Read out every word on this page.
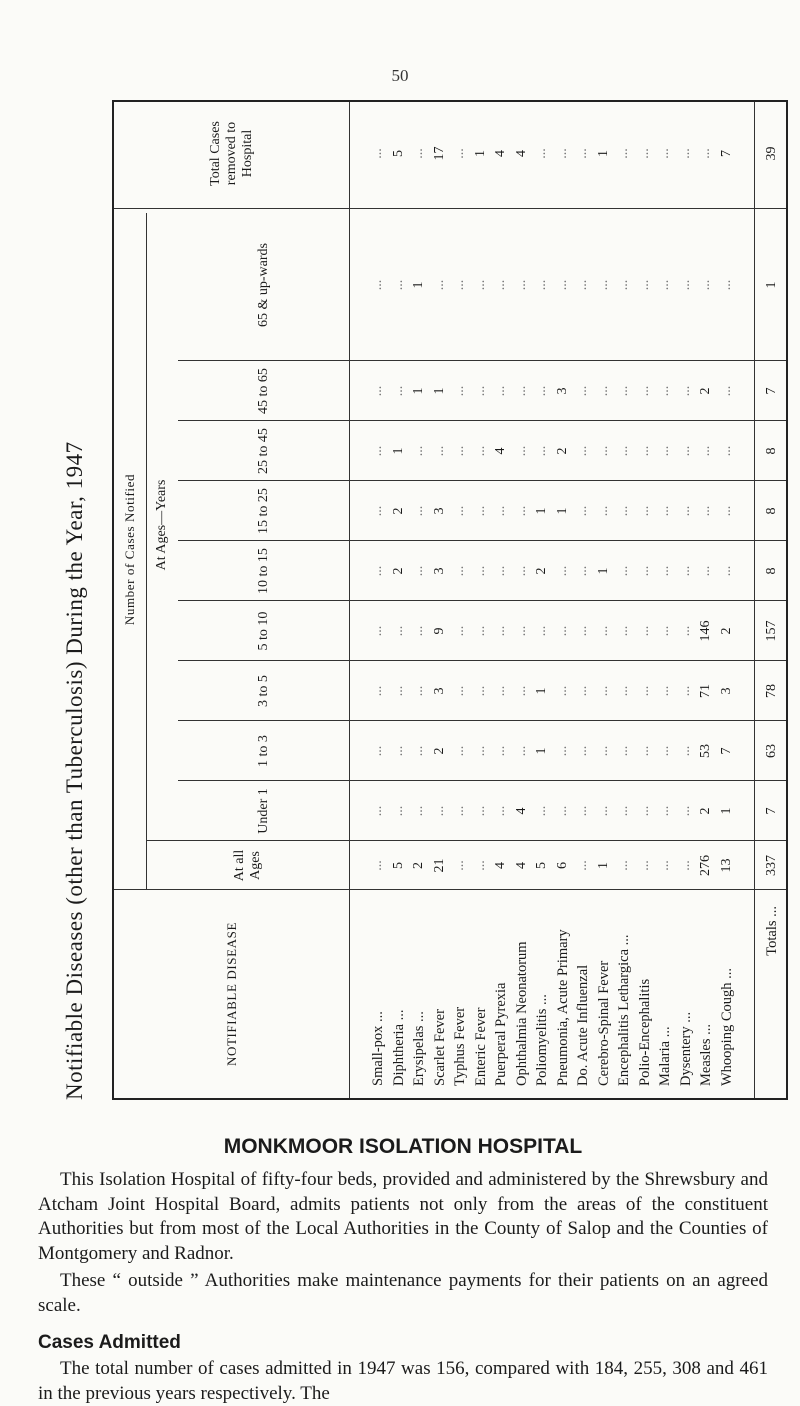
50
Notifiable Diseases (other than Tuberculosis) During the Year, 1947	NOTIFIABLE DISEASE
Number of Cases Notified	At Ages—Years
At all Ages
Under 1
1 to 3
3 to 5
5 to 10
10 to 15
15 to 25
25 to 45
45 to 65
65 & up-wards
Total Cases removed to Hospital
Small-pox ...
...
...
...
...
...
...
...
...
...
...
...
Diphtheria ...
5
...
...
...
...
2
2
1
...
...
5
Erysipelas ...
2
...
...
...
...
...
...
...
1
1
...
Scarlet Fever
21
...
2
3
9
3
3
...
1
...
17
Typhus Fever
...
...
...
...
...
...
...
...
...
...
...
Enteric Fever
...
...
...
...
...
...
...
...
...
...
1
Puerperal Pyrexia
4
...
...
...
...
...
...
4
...
...
4
Ophthalmia Neonatorum
4
4
...
...
...
...
...
...
...
...
4
Poliomyelitis ...
5
...
1
1
...
2
1
...
...
...
...
Pneumonia, Acute Primary
6
...
...
...
...
...
1
2
3
...
...
Do. Acute Influenzal
...
...
...
...
...
...
...
...
...
...
...
Cerebro-Spinal Fever
1
...
...
...
...
1
...
...
...
...
1
Encephalitis Lethargica ...
...
...
...
...
...
...
...
...
...
...
...
Polio-Encephalitis
...
...
...
...
...
...
...
...
...
...
...
Malaria ...
...
...
...
...
...
...
...
...
...
...
...
Dysentery ...
...
...
...
...
...
...
...
...
...
...
...
Measles ...
276
2
53
71
146
...
...
...
2
...
...
Whooping Cough ...
13
1
7
3
2
...
...
...
...
...
7
Totals ...
337
7
63
78
157
8
8
8
7
1
39
MONKMOOR ISOLATION HOSPITAL

This Isolation Hospital of fifty-four beds, provided and administered by the Shrewsbury and Atcham Joint Hospital Board, admits patients not only from the areas of the constituent Authorities but from most of the Local Authorities in the County of Salop and the Counties of Montgomery and Radnor.

These “ outside ” Authorities make maintenance payments for their patients on an agreed scale.

Cases Admitted

The total number of cases admitted in 1947 was 156, compared with 184, 255, 308 and 461 in the previous years respectively. The
